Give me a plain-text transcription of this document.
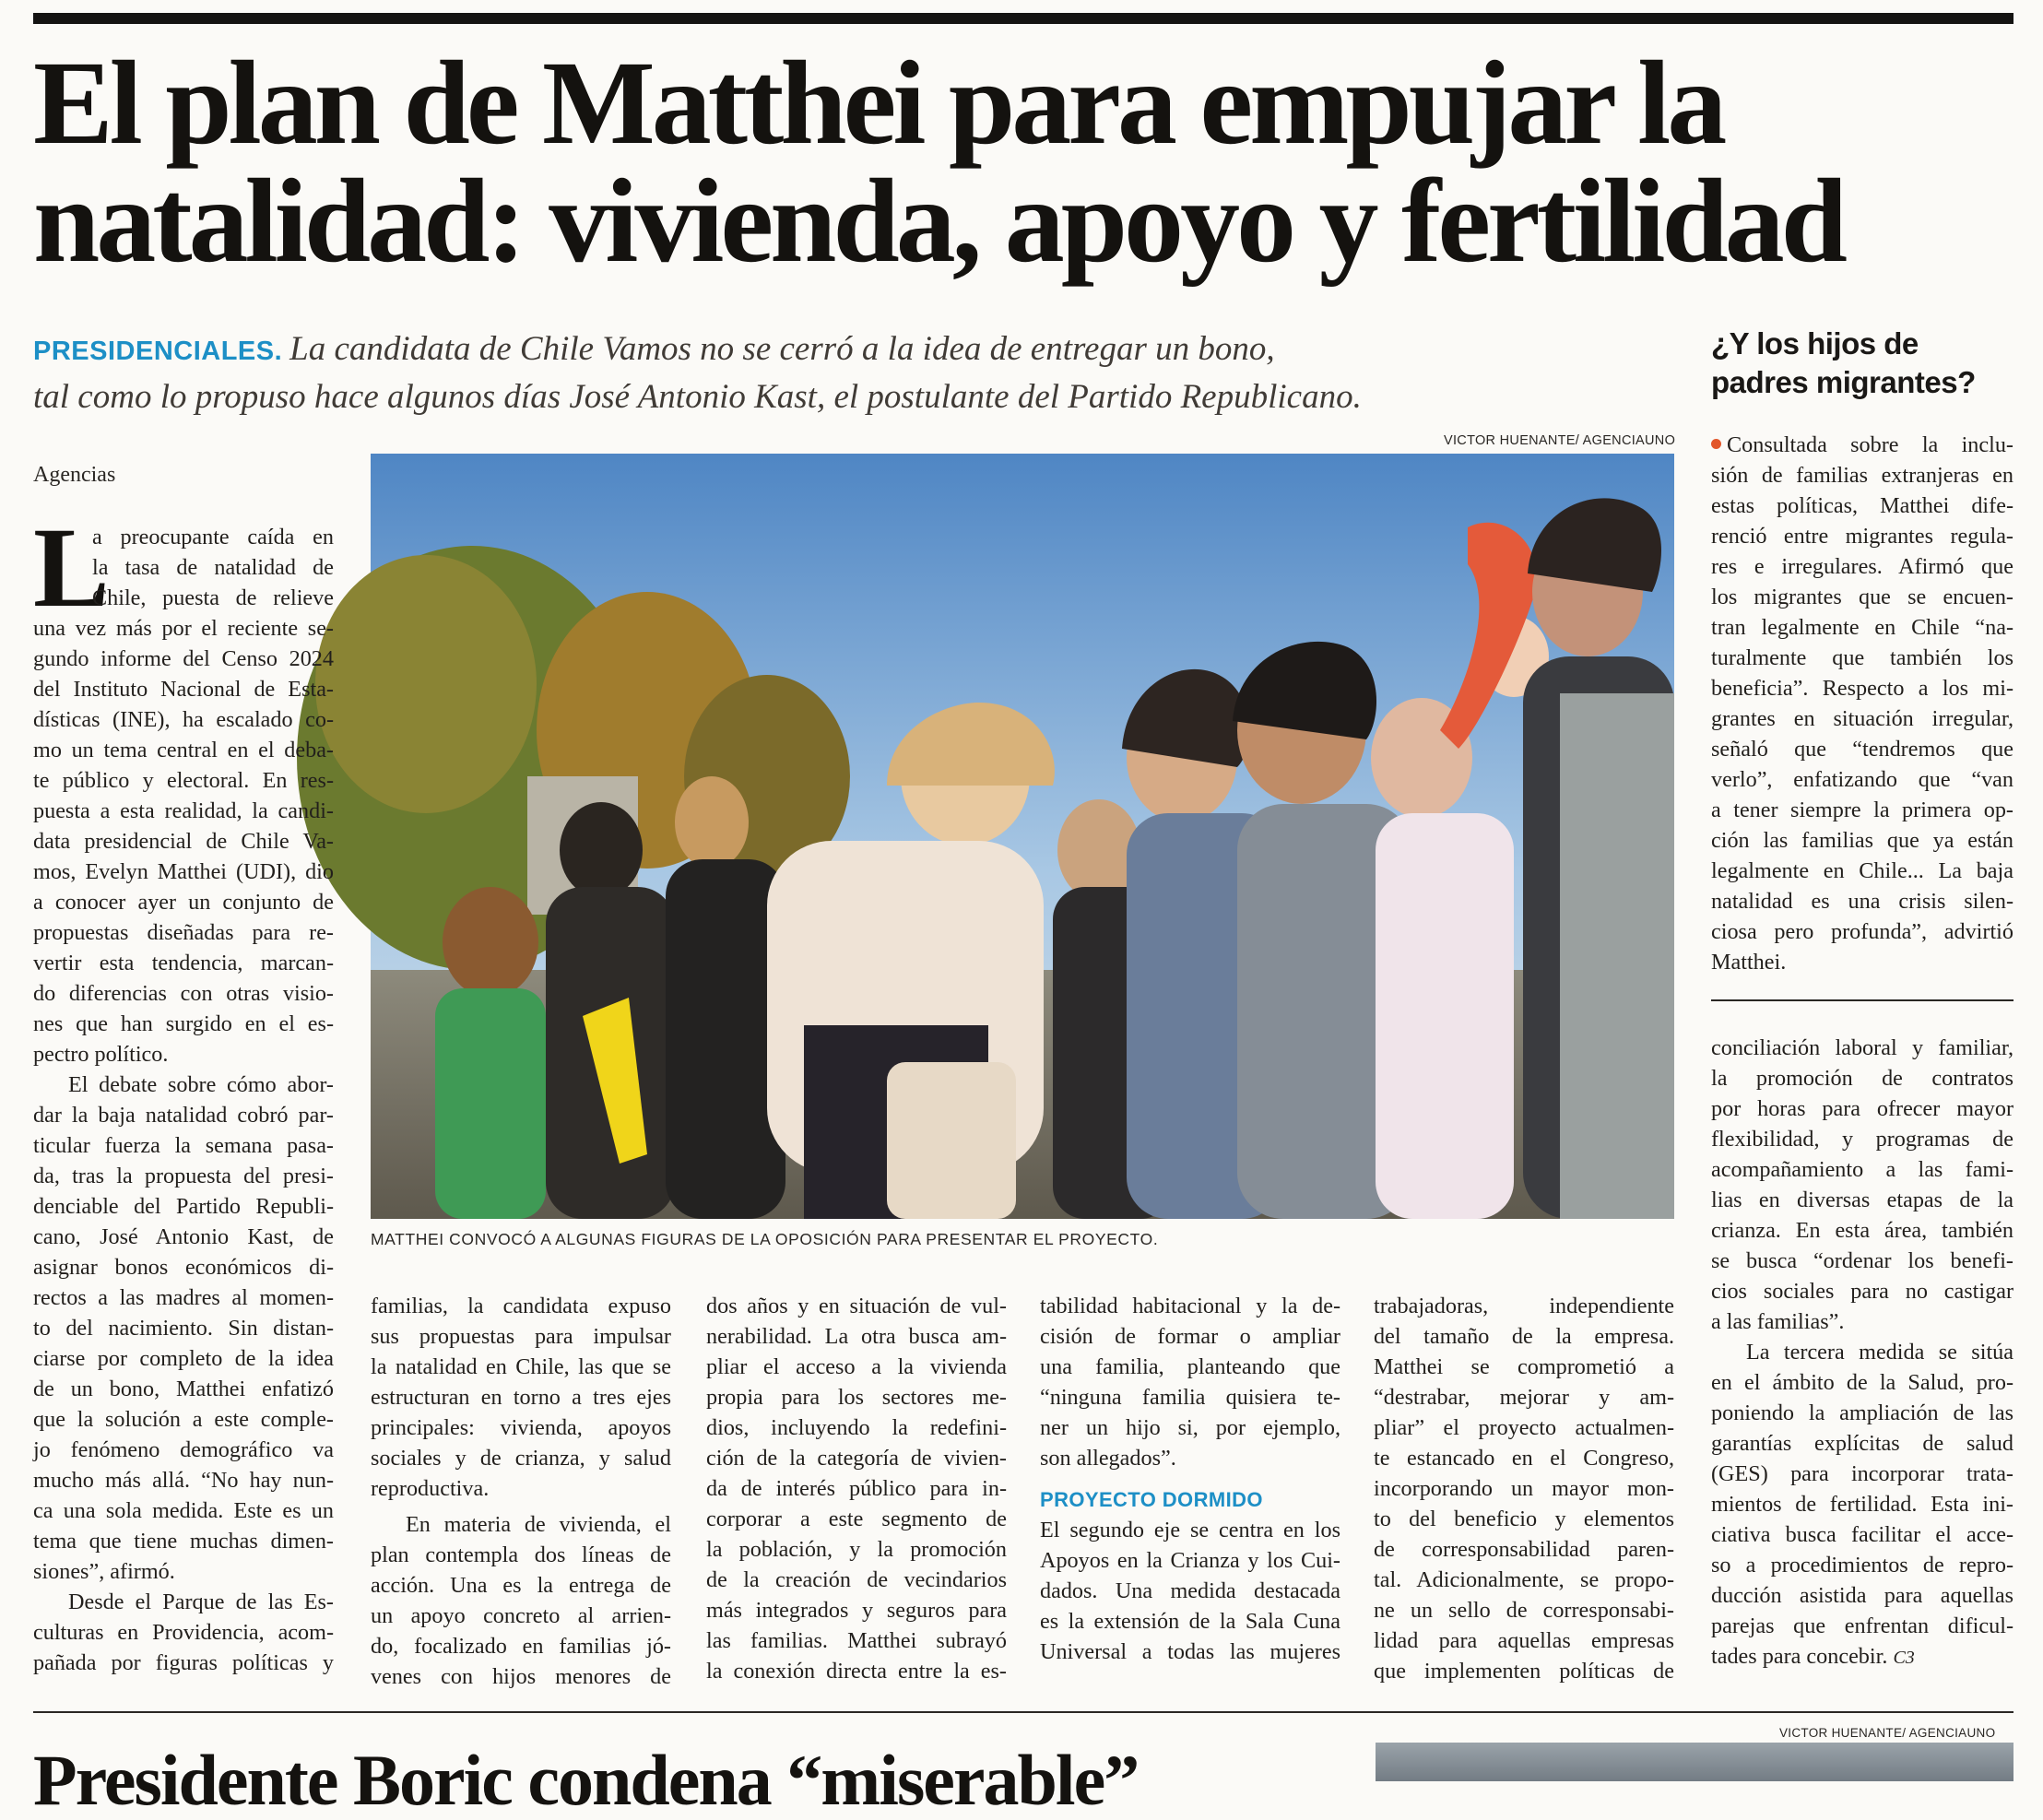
El plan de Matthei para empujar la
natalidad: vivienda, apoyo y fertilidad
PRESIDENCIALES. La candidata de Chile Vamos no se cerró a la idea de entregar un bono,
tal como lo propuso hace algunos días José Antonio Kast, el postulante del Partido Republicano.
VICTOR HUENANTE/ AGENCIAUNO
MATTHEI CONVOCÓ A ALGUNAS FIGURAS DE LA OPOSICIÓN PARA PRESENTAR EL PROYECTO.
Agencias
L
a preocupante caída en
la tasa de natalidad de
Chile, puesta de relieve
una vez más por el reciente se-
gundo informe del Censo 2024
del Instituto Nacional de Esta-
dísticas (INE), ha escalado co-
mo un tema central en el deba-
te público y electoral. En res-
puesta a esta realidad, la candi-
data presidencial de Chile Va-
mos, Evelyn Matthei (UDI), dio
a conocer ayer un conjunto de
propuestas diseñadas para re-
vertir esta tendencia, marcan-
do diferencias con otras visio-
nes que han surgido en el es-
pectro político.
El debate sobre cómo abor-
dar la baja natalidad cobró par-
ticular fuerza la semana pasa-
da, tras la propuesta del presi-
denciable del Partido Republi-
cano, José Antonio Kast, de
asignar bonos económicos di-
rectos a las madres al momen-
to del nacimiento. Sin distan-
ciarse por completo de la idea
de un bono, Matthei enfatizó
que la solución a este comple-
jo fenómeno demográfico va
mucho más allá. “No hay nun-
ca una sola medida. Este es un
tema que tiene muchas dimen-
siones”, afirmó.
Desde el Parque de las Es-
culturas en Providencia, acom-
pañada por figuras políticas y
familias, la candidata expuso
sus propuestas para impulsar
la natalidad en Chile, las que se
estructuran en torno a tres ejes
principales: vivienda, apoyos
sociales y de crianza, y salud
reproductiva.
En materia de vivienda, el
plan contempla dos líneas de
acción. Una es la entrega de
un apoyo concreto al arrien-
do, focalizado en familias jó-
venes con hijos menores de
dos años y en situación de vul-
nerabilidad. La otra busca am-
pliar el acceso a la vivienda
propia para los sectores me-
dios, incluyendo la redefini-
ción de la categoría de vivien-
da de interés público para in-
corporar a este segmento de
la población, y la promoción
de la creación de vecindarios
más integrados y seguros para
las familias. Matthei subrayó
la conexión directa entre la es-
tabilidad habitacional y la de-
cisión de formar o ampliar
una familia, planteando que
“ninguna familia quisiera te-
ner un hijo si, por ejemplo,
son allegados”.
PROYECTO DORMIDO
El segundo eje se centra en los
Apoyos en la Crianza y los Cui-
dados. Una medida destacada
es la extensión de la Sala Cuna
Universal a todas las mujeres
trabajadoras, independiente
del tamaño de la empresa.
Matthei se comprometió a
“destrabar, mejorar y am-
pliar” el proyecto actualmen-
te estancado en el Congreso,
incorporando un mayor mon-
to del beneficio y elementos
de corresponsabilidad paren-
tal. Adicionalmente, se propo-
ne un sello de corresponsabi-
lidad para aquellas empresas
que implementen políticas de
¿Y los hijos de
padres migrantes?
Consultada sobre la inclu-
sión de familias extranjeras en
estas políticas, Matthei dife-
renció entre migrantes regula-
res e irregulares. Afirmó que
los migrantes que se encuen-
tran legalmente en Chile “na-
turalmente que también los
beneficia”. Respecto a los mi-
grantes en situación irregular,
señaló que “tendremos que
verlo”, enfatizando que “van
a tener siempre la primera op-
ción las familias que ya están
legalmente en Chile... La baja
natalidad es una crisis silen-
ciosa pero profunda”, advirtió
Matthei.
conciliación laboral y familiar,
la promoción de contratos
por horas para ofrecer mayor
flexibilidad, y programas de
acompañamiento a las fami-
lias en diversas etapas de la
crianza. En esta área, también
se busca “ordenar los benefi-
cios sociales para no castigar
a las familias”.
La tercera medida se sitúa
en el ámbito de la Salud, pro-
poniendo la ampliación de las
garantías explícitas de salud
(GES) para incorporar trata-
mientos de fertilidad. Esta ini-
ciativa busca facilitar el acce-
so a procedimientos de repro-
ducción asistida para aquellas
parejas que enfrentan dificul-
tades para concebir. C3
VICTOR HUENANTE/ AGENCIAUNO
Presidente Boric condena “miserable”
